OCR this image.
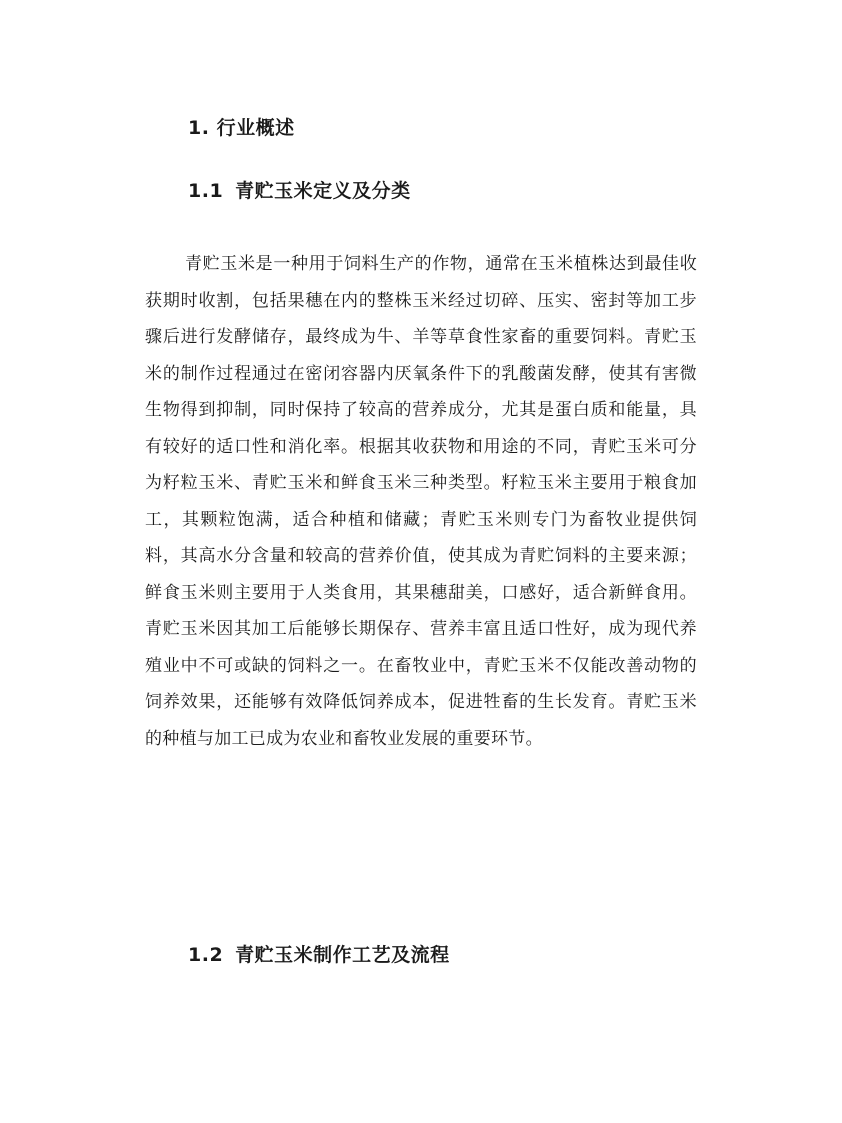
1. 行业概述
1.1 青贮玉米定义及分类

青贮玉米是一种用于饲料生产的作物，通常在玉米植株达到最佳收获期时收割，包括果穗在内的整株玉米经过切碎、压实、密封等加工步骤后进行发酵储存，最终成为牛、羊等草食性家畜的重要饲料。青贮玉米的制作过程通过在密闭容器内厌氧条件下的乳酸菌发酵，使其有害微生物得到抑制，同时保持了较高的营养成分，尤其是蛋白质和能量，具有较好的适口性和消化率。根据其收获物和用途的不同，青贮玉米可分为籽粒玉米、青贮玉米和鲜食玉米三种类型。籽粒玉米主要用于粮食加工，其颗粒饱满，适合种植和储藏；青贮玉米则专门为畜牧业提供饲料，其高水分含量和较高的营养价值，使其成为青贮饲料的主要来源；鲜食玉米则主要用于人类食用，其果穗甜美，口感好，适合新鲜食用。青贮玉米因其加工后能够长期保存、营养丰富且适口性好，成为现代养殖业中不可或缺的饲料之一。在畜牧业中，青贮玉米不仅能改善动物的饲养效果，还能够有效降低饲养成本，促进牲畜的生长发育。青贮玉米的种植与加工已成为农业和畜牧业发展的重要环节。

1.2 青贮玉米制作工艺及流程
